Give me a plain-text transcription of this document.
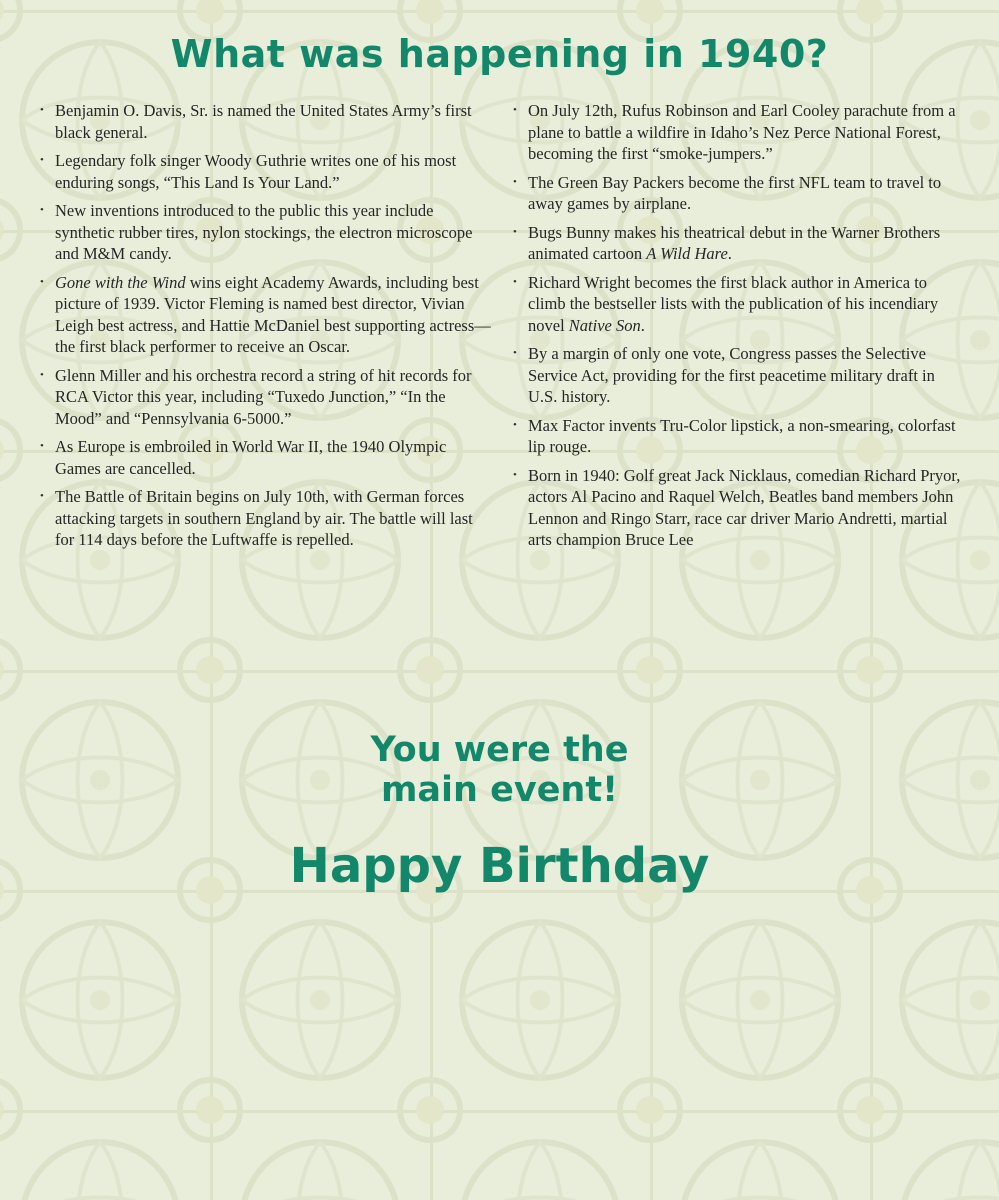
What was happening in 1940?
• Benjamin O. Davis, Sr. is named the United States Army’s first black general.
• Legendary folk singer Woody Guthrie writes one of his most enduring songs, “This Land Is Your Land.”
• New inventions introduced to the public this year include synthetic rubber tires, nylon stockings, the electron microscope and M&M candy.
• Gone with the Wind wins eight Academy Awards, including best picture of 1939. Victor Fleming is named best director, Vivian Leigh best actress, and Hattie McDaniel best supporting actress—the first black performer to receive an Oscar.
• Glenn Miller and his orchestra record a string of hit records for RCA Victor this year, including “Tuxedo Junction,” “In the Mood” and “Pennsylvania 6-5000.”
• As Europe is embroiled in World War II, the 1940 Olympic Games are cancelled.
• The Battle of Britain begins on July 10th, with German forces attacking targets in southern England by air. The battle will last for 114 days before the Luftwaffe is repelled.
• On July 12th, Rufus Robinson and Earl Cooley parachute from a plane to battle a wildfire in Idaho’s Nez Perce National Forest, becoming the first “smoke-jumpers.”
• The Green Bay Packers become the first NFL team to travel to away games by airplane.
• Bugs Bunny makes his theatrical debut in the Warner Brothers animated cartoon A Wild Hare.
• Richard Wright becomes the first black author in America to climb the bestseller lists with the publication of his incendiary novel Native Son.
• By a margin of only one vote, Congress passes the Selective Service Act, providing for the first peacetime military draft in U.S. history.
• Max Factor invents Tru-Color lipstick, a non-smearing, colorfast lip rouge.
• Born in 1940: Golf great Jack Nicklaus, comedian Richard Pryor, actors Al Pacino and Raquel Welch, Beatles band members John Lennon and Ringo Starr, race car driver Mario Andretti, martial arts champion Bruce Lee
You were the
main event!
Happy Birthday
